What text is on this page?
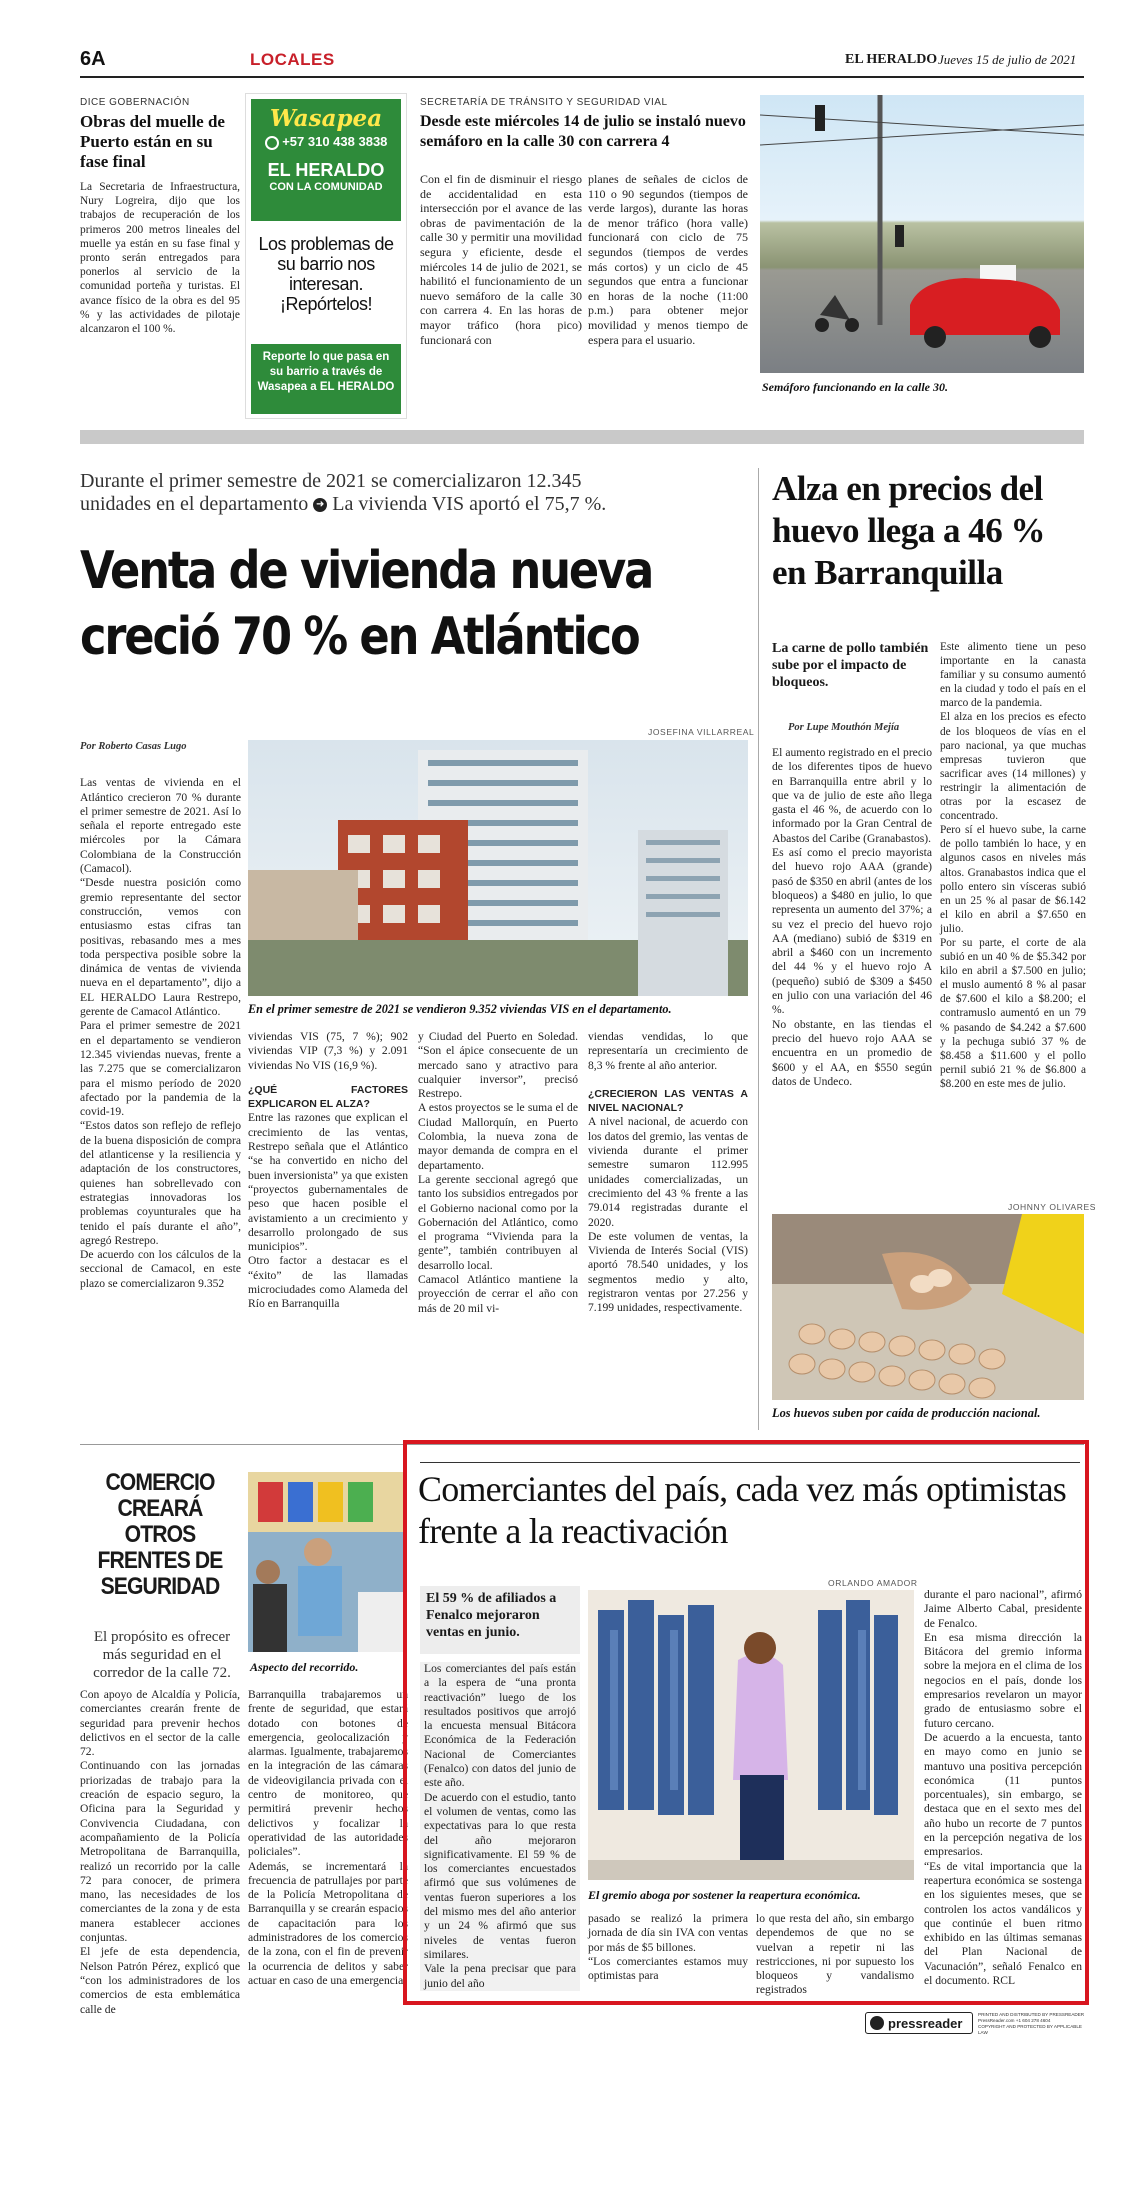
6A	LOCALES	EL HERALDO Jueves 15 de julio de 2021
DICE GOBERNACIÓN
Obras del muelle de Puerto están en su fase final
La Secretaria de Infraestructura, Nury Logreira, dijo que los trabajos de recuperación de los primeros 200 metros lineales del muelle ya están en su fase final y pronto serán entregados para ponerlos al servicio de la comunidad porteña y turistas. El avance físico de la obra es del 95 % y las actividades de pilotaje alcanzaron el 100 %.
Wasapea
+57 310 438 3838
EL HERALDO
CON LA COMUNIDAD
Los problemas de su barrio nos interesan. ¡Repórtelos!
Reporte lo que pasa en su barrio a través de Wasapea a EL HERALDO
SECRETARÍA DE TRÁNSITO Y SEGURIDAD VIAL
Desde este miércoles 14 de julio se instaló nuevo semáforo en la calle 30 con carrera 4
Con el fin de disminuir el riesgo de accidentalidad en esta intersección por el avance de las obras de pavimentación de la calle 30 y permitir una movilidad segura y eficiente, desde el miércoles 14 de julio de 2021, se habilitó el funcionamiento de un nuevo semáforo de la calle 30 con carrera 4. En las horas de mayor tráfico (hora pico) funcionará con
planes de señales de ciclos de 110 o 90 segundos (tiempos de verde largos), durante las horas de menor tráfico (hora valle) funcionará con ciclo de 75 segundos (tiempos de verdes más cortos) y un ciclo de 45 segundos que entra a funcionar en horas de la noche (11:00 p.m.) para obtener mejor movilidad y menos tiempo de espera para el usuario.
Semáforo funcionando en la calle 30.
Durante el primer semestre de 2021 se comercializaron 12.345
unidades en el departamento ➜ La vivienda VIS aportó el 75,7 %.
Venta de vivienda nueva
creció 70 % en Atlántico
Por Roberto Casas Lugo
Las ventas de vivienda en el Atlántico crecieron 70 % durante el primer semestre de 2021. Así lo señala el reporte entregado este miércoles por la Cámara Colombiana de la Construcción (Camacol).
“Desde nuestra posición como gremio representante del sector construcción, vemos con entusiasmo estas cifras tan positivas, rebasando mes a mes toda perspectiva posible sobre la dinámica de ventas de vivienda nueva en el departamento”, dijo a EL HERALDO Laura Restrepo, gerente de Camacol Atlántico.
Para el primer semestre de 2021 en el departamento se vendieron 12.345 viviendas nuevas, frente a las 7.275 que se comercializaron para el mismo período de 2020 afectado por la pandemia de la covid-19.
“Estos datos son reflejo de reflejo de la buena disposición de compra del atlanticense y la resiliencia y adaptación de los constructores, quienes han sobrellevado con estrategias innovadoras los problemas coyunturales que ha tenido el país durante el año”, agregó Restrepo.
De acuerdo con los cálculos de la seccional de Camacol, en este plazo se comercializaron 9.352
JOSEFINA VILLARREAL
En el primer semestre de 2021 se vendieron 9.352 viviendas VIS en el departamento.
viviendas VIS (75, 7 %); 902 viviendas VIP (7,3 %) y 2.091 viviendas No VIS (16,9 %).
¿QUÉ FACTORES EXPLICARON EL ALZA?
Entre las razones que explican el crecimiento de las ventas, Restrepo señala que el Atlántico “se ha convertido en nicho del buen inversionista” ya que existen “proyectos gubernamentales de peso que hacen posible el avistamiento a un crecimiento y desarrollo prolongado de sus municipios”.
Otro factor a destacar es el “éxito” de las llamadas microciudades como Alameda del Río en Barranquilla
y Ciudad del Puerto en Soledad. “Son el ápice consecuente de un mercado sano y atractivo para cualquier inversor”, precisó Restrepo.
A estos proyectos se le suma el de Ciudad Mallorquín, en Puerto Colombia, la nueva zona de mayor demanda de compra en el departamento.
La gerente seccional agregó que tanto los subsidios entregados por el Gobierno nacional como por la Gobernación del Atlántico, como el programa “Vivienda para la gente”, también contribuyen al desarrollo local.
Camacol Atlántico mantiene la proyección de cerrar el año con más de 20 mil vi-
viendas vendidas, lo que representaría un crecimiento de 8,3 % frente al año anterior.
¿CRECIERON LAS VENTAS A NIVEL NACIONAL?
A nivel nacional, de acuerdo con los datos del gremio, las ventas de vivienda durante el primer semestre sumaron 112.995 unidades comercializadas, un crecimiento del 43 % frente a las 79.014 registradas durante el 2020.
De este volumen de ventas, la Vivienda de Interés Social (VIS) aportó 78.540 unidades, y los segmentos medio y alto, registraron ventas por 27.256 y 7.199 unidades, respectivamente.
Alza en precios del huevo llega a 46 % en Barranquilla
La carne de pollo también sube por el impacto de bloqueos.
Por Lupe Mouthón Mejía
El aumento registrado en el precio de los diferentes tipos de huevo en Barranquilla entre abril y lo que va de julio de este año llega gasta el 46 %, de acuerdo con lo informado por la Gran Central de Abastos del Caribe (Granabastos).
Es así como el precio mayorista del huevo rojo AAA (grande) pasó de $350 en abril (antes de los bloqueos) a $480 en julio, lo que representa un aumento del 37%; a su vez el precio del huevo rojo AA (mediano) subió de $319 en abril a $460 con un incremento del 44 % y el huevo rojo A (pequeño) subió de $309 a $450 en julio con una variación del 46 %.
No obstante, en las tiendas el precio del huevo rojo AAA se encuentra en un promedio de $600 y el AA, en $550 según datos de Undeco.
Este alimento tiene un peso importante en la canasta familiar y su consumo aumentó en la ciudad y todo el país en el marco de la pandemia.
El alza en los precios es efecto de los bloqueos de vías en el paro nacional, ya que muchas empresas tuvieron que sacrificar aves (14 millones) y restringir la alimentación de otras por la escasez de concentrado.
Pero sí el huevo sube, la carne de pollo también lo hace, y en algunos casos en niveles más altos. Granabastos indica que el pollo entero sin vísceras subió en un 25 % al pasar de $6.142 el kilo en abril a $7.650 en julio.
Por su parte, el corte de ala subió en un 40 % de $5.342 por kilo en abril a $7.500 en julio; el muslo aumentó 8 % al pasar de $7.600 el kilo a $8.200; el contramuslo aumentó en un 79 % pasando de $4.242 a $7.600 y la pechuga subió 37 % de $8.458 a $11.600 y el pollo pernil subió 21 % de $6.800 a $8.200 en este mes de julio.
JOHNNY OLIVARES
Los huevos suben por caída de producción nacional.
COMERCIO CREARÁ OTROS FRENTES DE SEGURIDAD
El propósito es ofrecer más seguridad en el corredor de la calle 72.	Aspecto del recorrido.
Con apoyo de Alcaldía y Policía, comerciantes crearán frente de seguridad para prevenir hechos delictivos en el sector de la calle 72.
Continuando con las jornadas priorizadas de trabajo para la creación de espacio seguro, la Oficina para la Seguridad y Convivencia Ciudadana, con acompañamiento de la Policía Metropolitana de Barranquilla, realizó un recorrido por la calle 72 para conocer, de primera mano, las necesidades de los comerciantes de la zona y de esta manera establecer acciones conjuntas.
El jefe de esta dependencia, Nelson Patrón Pérez, explicó que “con los administradores de los comercios de esta emblemática calle de
Barranquilla trabajaremos un frente de seguridad, que estará dotado con botones de emergencia, geolocalización y alarmas. Igualmente, trabajaremos en la integración de las cámaras de videovigilancia privada con el centro de monitoreo, que permitirá prevenir hechos delictivos y focalizar la operatividad de las autoridades policiales”.
Además, se incrementará la frecuencia de patrullajes por parte de la Policía Metropolitana de Barranquilla y se crearán espacios de capacitación para los administradores de los comercios de la zona, con el fin de prevenir la ocurrencia de delitos y saber actuar en caso de una emergencia.
Comerciantes del país, cada vez más optimistas frente a la reactivación
El 59 % de afiliados a Fenalco mejoraron ventas en junio.
Los comerciantes del país están a la espera de “una pronta reactivación” luego de los resultados positivos que arrojó la encuesta mensual Bitácora Económica de la Federación Nacional de Comerciantes (Fenalco) con datos del junio de este año.
De acuerdo con el estudio, tanto el volumen de ventas, como las expectativas para lo que resta del año mejoraron significativamente. El 59 % de los comerciantes encuestados afirmó que sus volúmenes de ventas fueron superiores a los del mismo mes del año anterior y un 24 % afirmó que sus niveles de ventas fueron similares.
Vale la pena precisar que para junio del año
ORLANDO AMADOR
El gremio aboga por sostener la reapertura económica.
pasado se realizó la primera jornada de día sin IVA con ventas por más de $5 billones.
“Los comerciantes estamos muy optimistas para
lo que resta del año, sin embargo dependemos de que no se vuelvan a repetir ni las restricciones, ni por supuesto los bloqueos y vandalismo registrados
durante el paro nacional”, afirmó Jaime Alberto Cabal, presidente de Fenalco.
En esa misma dirección la Bitácora del gremio informa sobre la mejora en el clima de los negocios en el país, donde los empresarios revelaron un mayor grado de entusiasmo sobre el futuro cercano.
De acuerdo a la encuesta, tanto en mayo como en junio se mantuvo una positiva percepción económica (11 puntos porcentuales), sin embargo, se destaca que en el sexto mes del año hubo un recorte de 7 puntos en la percepción negativa de los empresarios.
“Es de vital importancia que la reapertura económica se sostenga en los siguientes meses, que se controlen los actos vandálicos y que continúe el buen ritmo exhibido en las últimas semanas del Plan Nacional de Vacunación”, señaló Fenalco en el documento. RCL
pressreader
PRINTED AND DISTRIBUTED BY PRESSREADER
PressReader.com +1 604 278 4604
COPYRIGHT AND PROTECTED BY APPLICABLE LAW
